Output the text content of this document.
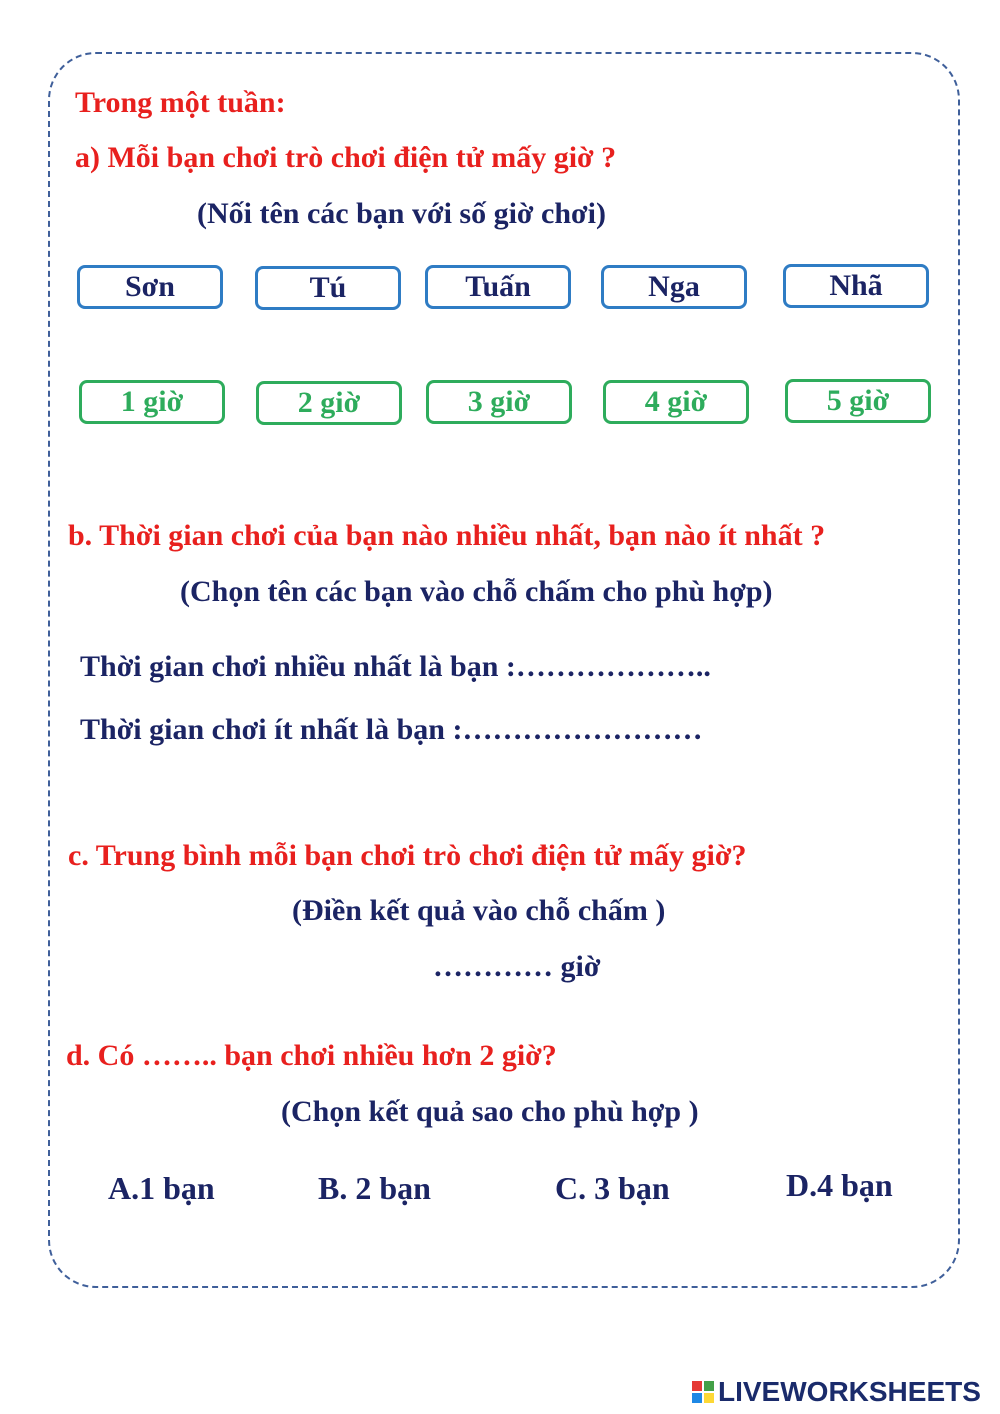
Trong một tuần:
a) Mỗi bạn chơi trò chơi điện tử mấy giờ ?
(Nối tên các bạn với số giờ chơi)
Sơn	Tú	Tuấn	Nga	Nhã
1 giờ	2 giờ	3 giờ	4 giờ	5 giờ
b. Thời gian chơi của bạn nào nhiều nhất, bạn nào ít nhất ?
(Chọn tên các bạn vào chỗ chấm cho phù hợp)
Thời gian chơi nhiều nhất là bạn :………………..
Thời gian chơi ít nhất là bạn :……………………
c. Trung bình mỗi bạn chơi trò chơi điện tử mấy giờ?
(Điền kết quả vào chỗ chấm )
………… giờ
d. Có …….. bạn chơi nhiều hơn 2 giờ?
(Chọn kết quả sao cho phù hợp )
A.1 bạn	B. 2 bạn	C. 3 bạn	D.4 bạn
LIVEWORKSHEETS
